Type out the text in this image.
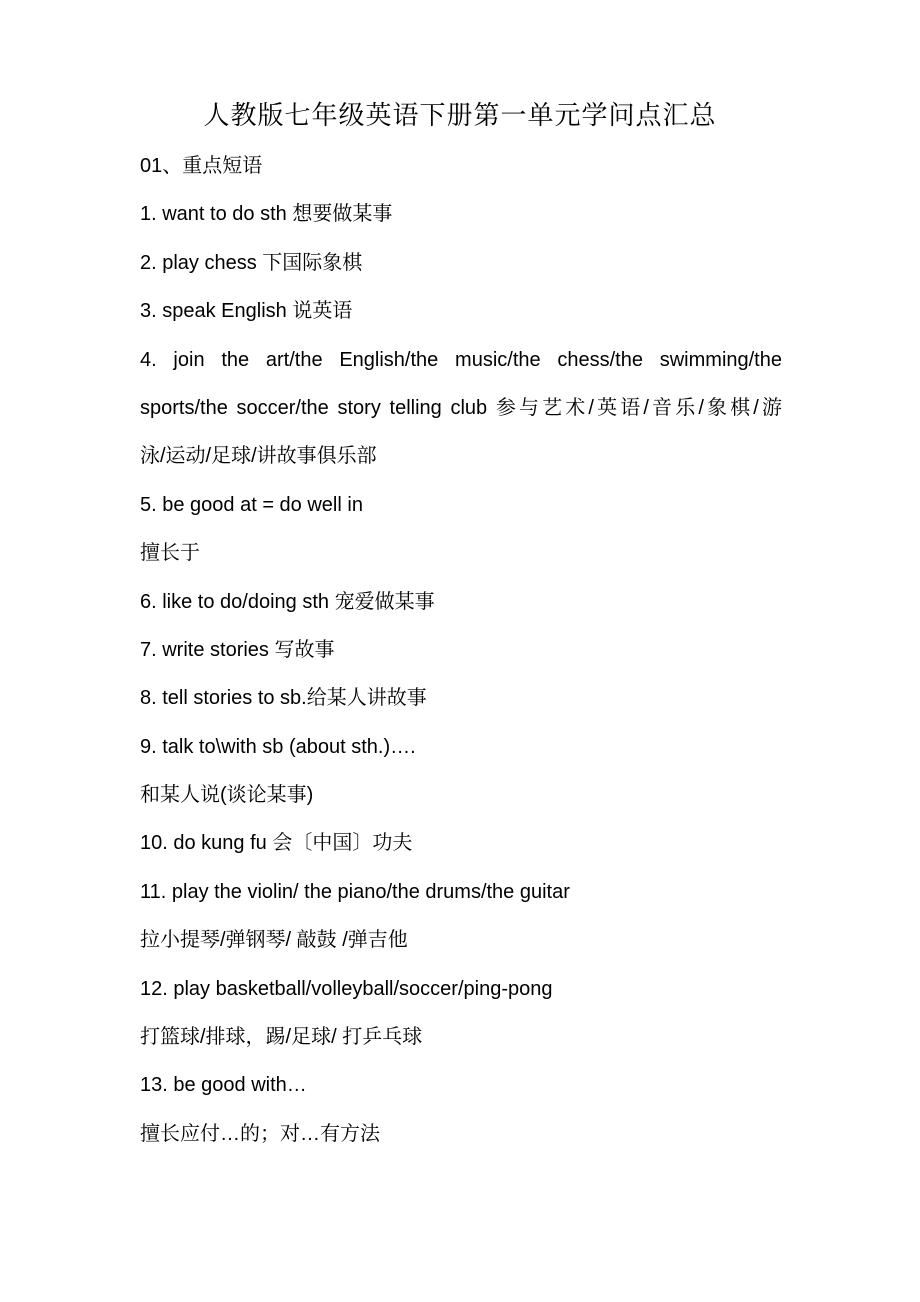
人教版七年级英语下册第一单元学问点汇总
01、重点短语
1. want to do sth 想要做某事
2. play chess 下国际象棋
3. speak English 说英语
4. join the art/the English/the music/the chess/the swimming/the
sports/the soccer/the story telling club 参与艺术/英语/音乐/象棋/游
泳/运动/足球/讲故事俱乐部
5. be good at = do well in
擅长于
6. like to do/doing sth 宠爱做某事
7. write stories 写故事
8. tell stories to sb.给某人讲故事
9. talk to\with sb (about sth.)….
和某人说(谈论某事)
10. do kung fu 会〔中国〕功夫
11. play the violin/ the piano/the drums/the guitar
拉小提琴/弹钢琴/ 敲鼓 /弹吉他
12. play basketball/volleyball/soccer/ping-pong
打篮球/排球，踢/足球/ 打乒乓球
13. be good with…
擅长应付…的；对…有方法
